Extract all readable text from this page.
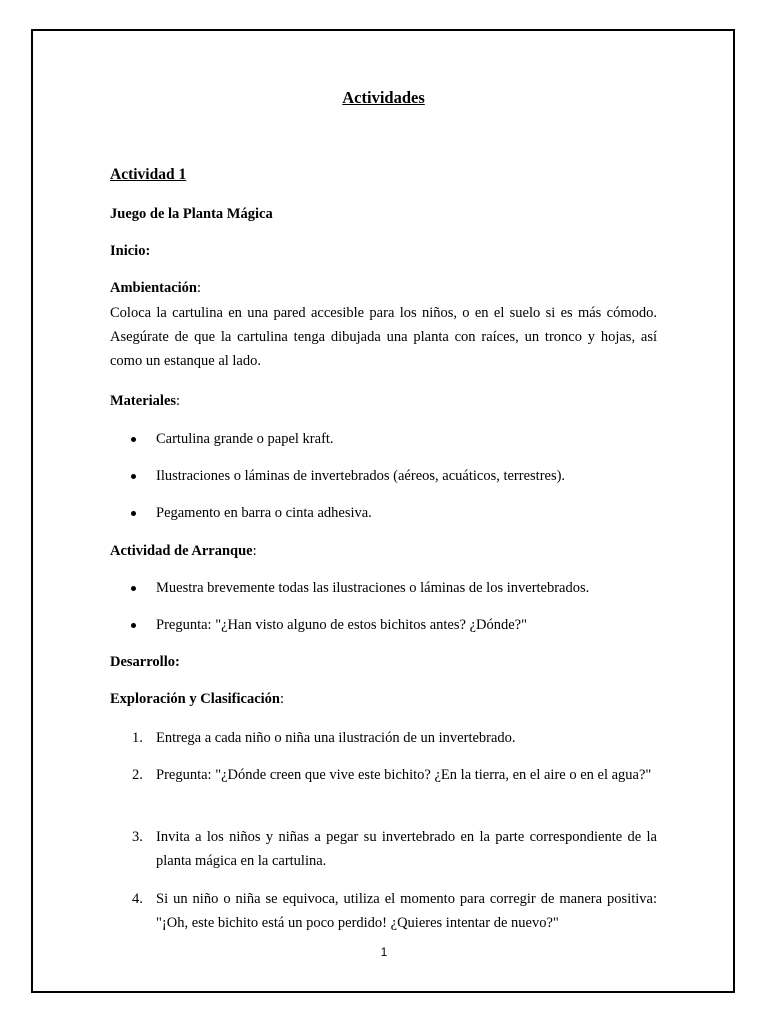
Actividades
Actividad 1
Juego de la Planta Mágica
Inicio:
Ambientación:
Coloca la cartulina en una pared accesible para los niños, o en el suelo si es más cómodo. Asegúrate de que la cartulina tenga dibujada una planta con raíces, un tronco y hojas, así como un estanque al lado.
Materiales:
Cartulina grande o papel kraft.
Ilustraciones o láminas de invertebrados (aéreos, acuáticos, terrestres).
Pegamento en barra o cinta adhesiva.
Actividad de Arranque:
Muestra brevemente todas las ilustraciones o láminas de los invertebrados.
Pregunta: "¿Han visto alguno de estos bichitos antes? ¿Dónde?"
Desarrollo:
Exploración y Clasificación:
1. Entrega a cada niño o niña una ilustración de un invertebrado.
2. Pregunta: "¿Dónde creen que vive este bichito? ¿En la tierra, en el aire o en el agua?"
3. Invita a los niños y niñas a pegar su invertebrado en la parte correspondiente de la planta mágica en la cartulina.
4. Si un niño o niña se equivoca, utiliza el momento para corregir de manera positiva: "¡Oh, este bichito está un poco perdido! ¿Quieres intentar de nuevo?"
1
